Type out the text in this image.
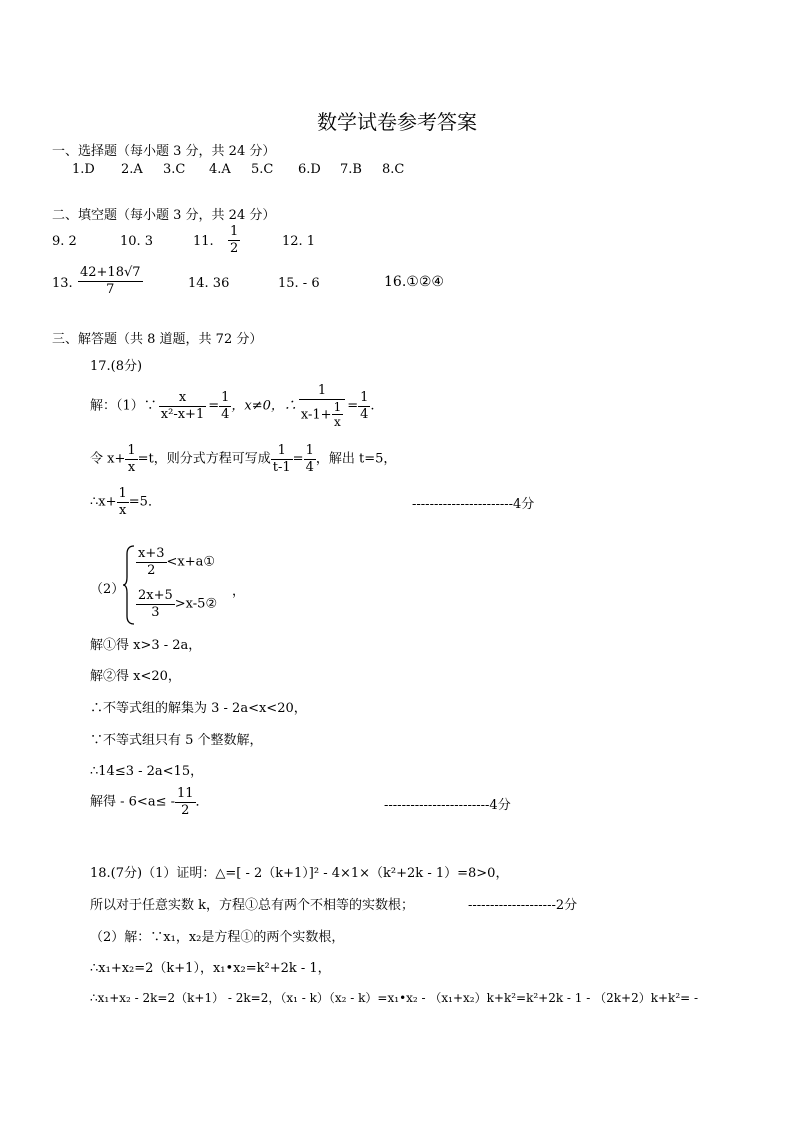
数学试卷参考答案
一、选择题（每小题 3 分，共 24 分）
1.D 2.A 3.C 4.A 5.C 6.D 7.B 8.C
二、填空题（每小题 3 分，共 24 分）
9. 2	10. 3	11. $\frac{1}{2}$	12. 1
13. $\frac{42+18√7}{7}$	14. 36	15. - 6	16.①②④
三、解答题（共 8 道题，共 72 分）
17.(8分)
解：（1）∵ $\frac{x}{\text{x²-x+1}} = \frac{1}{4}$ ，x≠0，∴ $\frac{1}{x-1+ \frac{1}{x}} = \frac{1}{4}$ .
令 $x+ \frac{1}{x} =t$，则分式方程可写成 $\frac{1}{t-1} = \frac{1}{4}$ ，解出 t=5，
∴x+ $\frac{1}{x} =5$．	-----------------------4分
（2）
$\frac{x+3}{2}$ <x+a①
$\frac{2x+5}{3}$ >x-5②
，
解①得 x>3 - 2a，
解②得 x<20，
∴不等式组的解集为 3 - 2a<x<20，
∵不等式组只有 5 个整数解，
∴14≤3 - 2a<15，
解得 - $6<a\le - \frac{11}{2}$ ．	------------------------4分
18.(7分)（1）证明：△=[ - 2（k+1）]² - 4×1×（k²+2k - 1）=8>0，
所以对于任意实数 k，方程①总有两个不相等的实数根；	--------------------2分
（2）解：∵x₁，x₂是方程①的两个实数根，
∴x₁+x₂=2（k+1），x₁•x₂=k²+2k - 1，
∴x₁+x₂ - 2k=2（k+1） - 2k=2，（x₁ - k）（x₂ - k）=x₁•x₂ - （x₁+x₂）k+k²=k²+2k - 1 - （2k+2）k+k²= -
